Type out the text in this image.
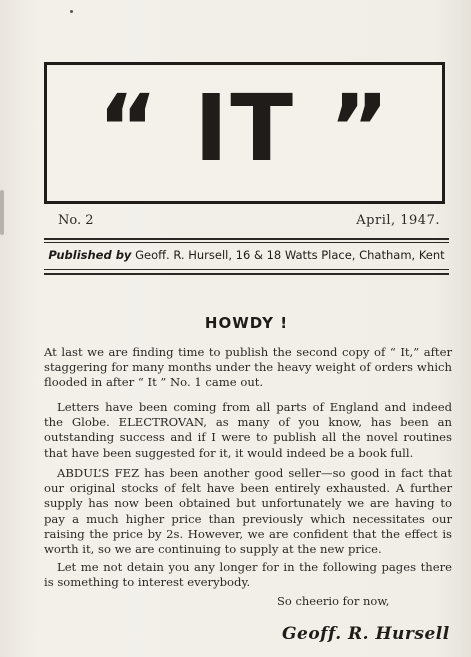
“ IT ”
No. 2	April, 1947.
Published by Geoff. R. Hursell, 16 & 18 Watts Place, Chatham, Kent
HOWDY !

At last we are finding time to publish the second copy of “ It,” after staggering for many months under the heavy weight of orders which flooded in after “ It ” No. 1 came out.

Letters have been coming from all parts of England and indeed the Globe. ELECTROVAN, as many of you know, has been an outstanding success and if I were to publish all the novel routines that have been suggested for it, it would indeed be a book full.

ABDUL’S FEZ has been another good seller—so good in fact that our original stocks of felt have been entirely exhausted. A further supply has now been obtained but unfortunately we are having to pay a much higher price than previously which necessitates our raising the price by 2s. However, we are confident that the effect is worth it, so we are continuing to supply at the new price.

Let me not detain you any longer for in the following pages there is something to interest everybody.

So cheerio for now,
Geoff. R. Hursell
